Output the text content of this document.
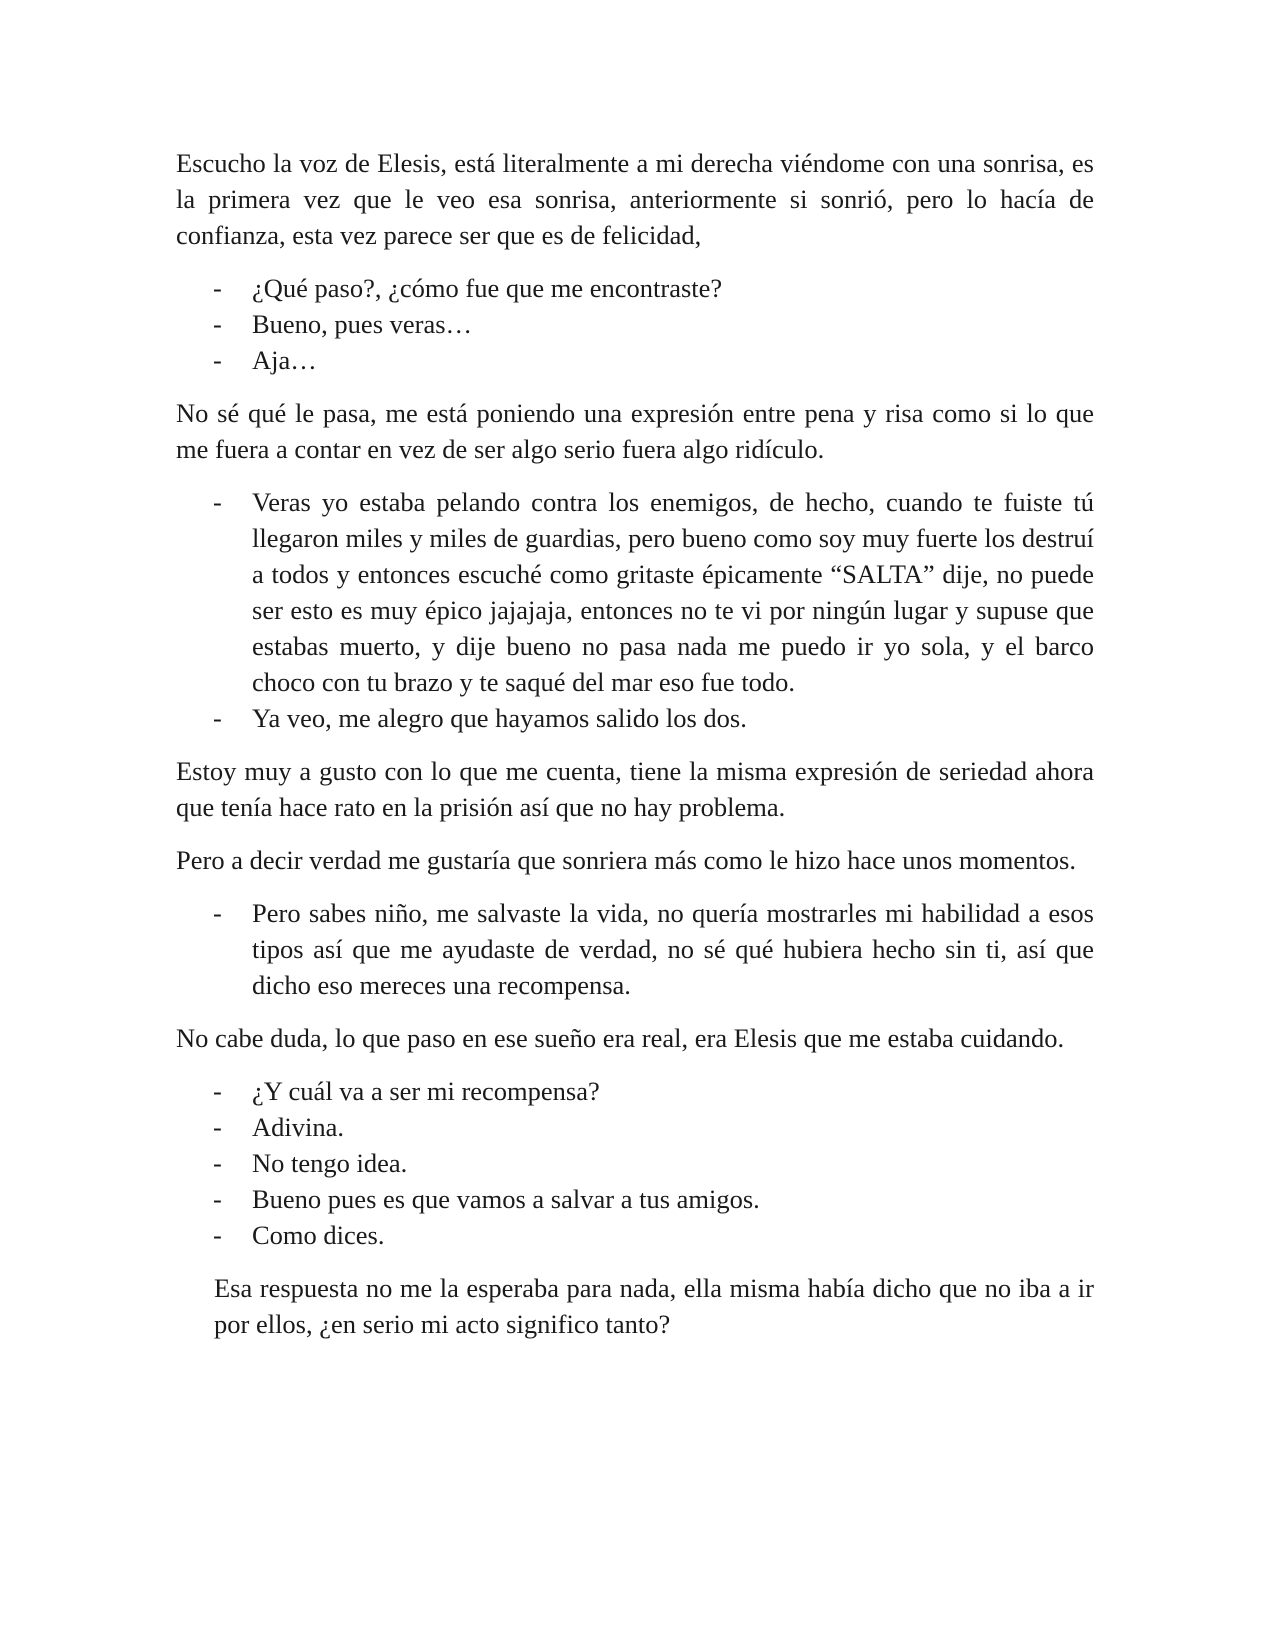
Escucho la voz de Elesis, está literalmente a mi derecha viéndome con una sonrisa, es la primera vez que le veo esa sonrisa, anteriormente si sonrió, pero lo hacía de confianza, esta vez parece ser que es de felicidad,

- ¿Qué paso?, ¿cómo fue que me encontraste?
- Bueno, pues veras…
- Aja…

No sé qué le pasa, me está poniendo una expresión entre pena y risa como si lo que me fuera a contar en vez de ser algo serio fuera algo ridículo.

- Veras yo estaba pelando contra los enemigos, de hecho, cuando te fuiste tú llegaron miles y miles de guardias, pero bueno como soy muy fuerte los destruí a todos y entonces escuché como gritaste épicamente “SALTA” dije, no puede ser esto es muy épico jajajaja, entonces no te vi por ningún lugar y supuse que estabas muerto, y dije bueno no pasa nada me puedo ir yo sola, y el barco choco con tu brazo y te saqué del mar eso fue todo.
- Ya veo, me alegro que hayamos salido los dos.

Estoy muy a gusto con lo que me cuenta, tiene la misma expresión de seriedad ahora que tenía hace rato en la prisión así que no hay problema.

Pero a decir verdad me gustaría que sonriera más como le hizo hace unos momentos.

- Pero sabes niño, me salvaste la vida, no quería mostrarles mi habilidad a esos tipos así que me ayudaste de verdad, no sé qué hubiera hecho sin ti, así que dicho eso mereces una recompensa.

No cabe duda, lo que paso en ese sueño era real, era Elesis que me estaba cuidando.

- ¿Y cuál va a ser mi recompensa?
- Adivina.
- No tengo idea.
- Bueno pues es que vamos a salvar a tus amigos.
- Como dices.

Esa respuesta no me la esperaba para nada, ella misma había dicho que no iba a ir por ellos, ¿en serio mi acto significo tanto?
